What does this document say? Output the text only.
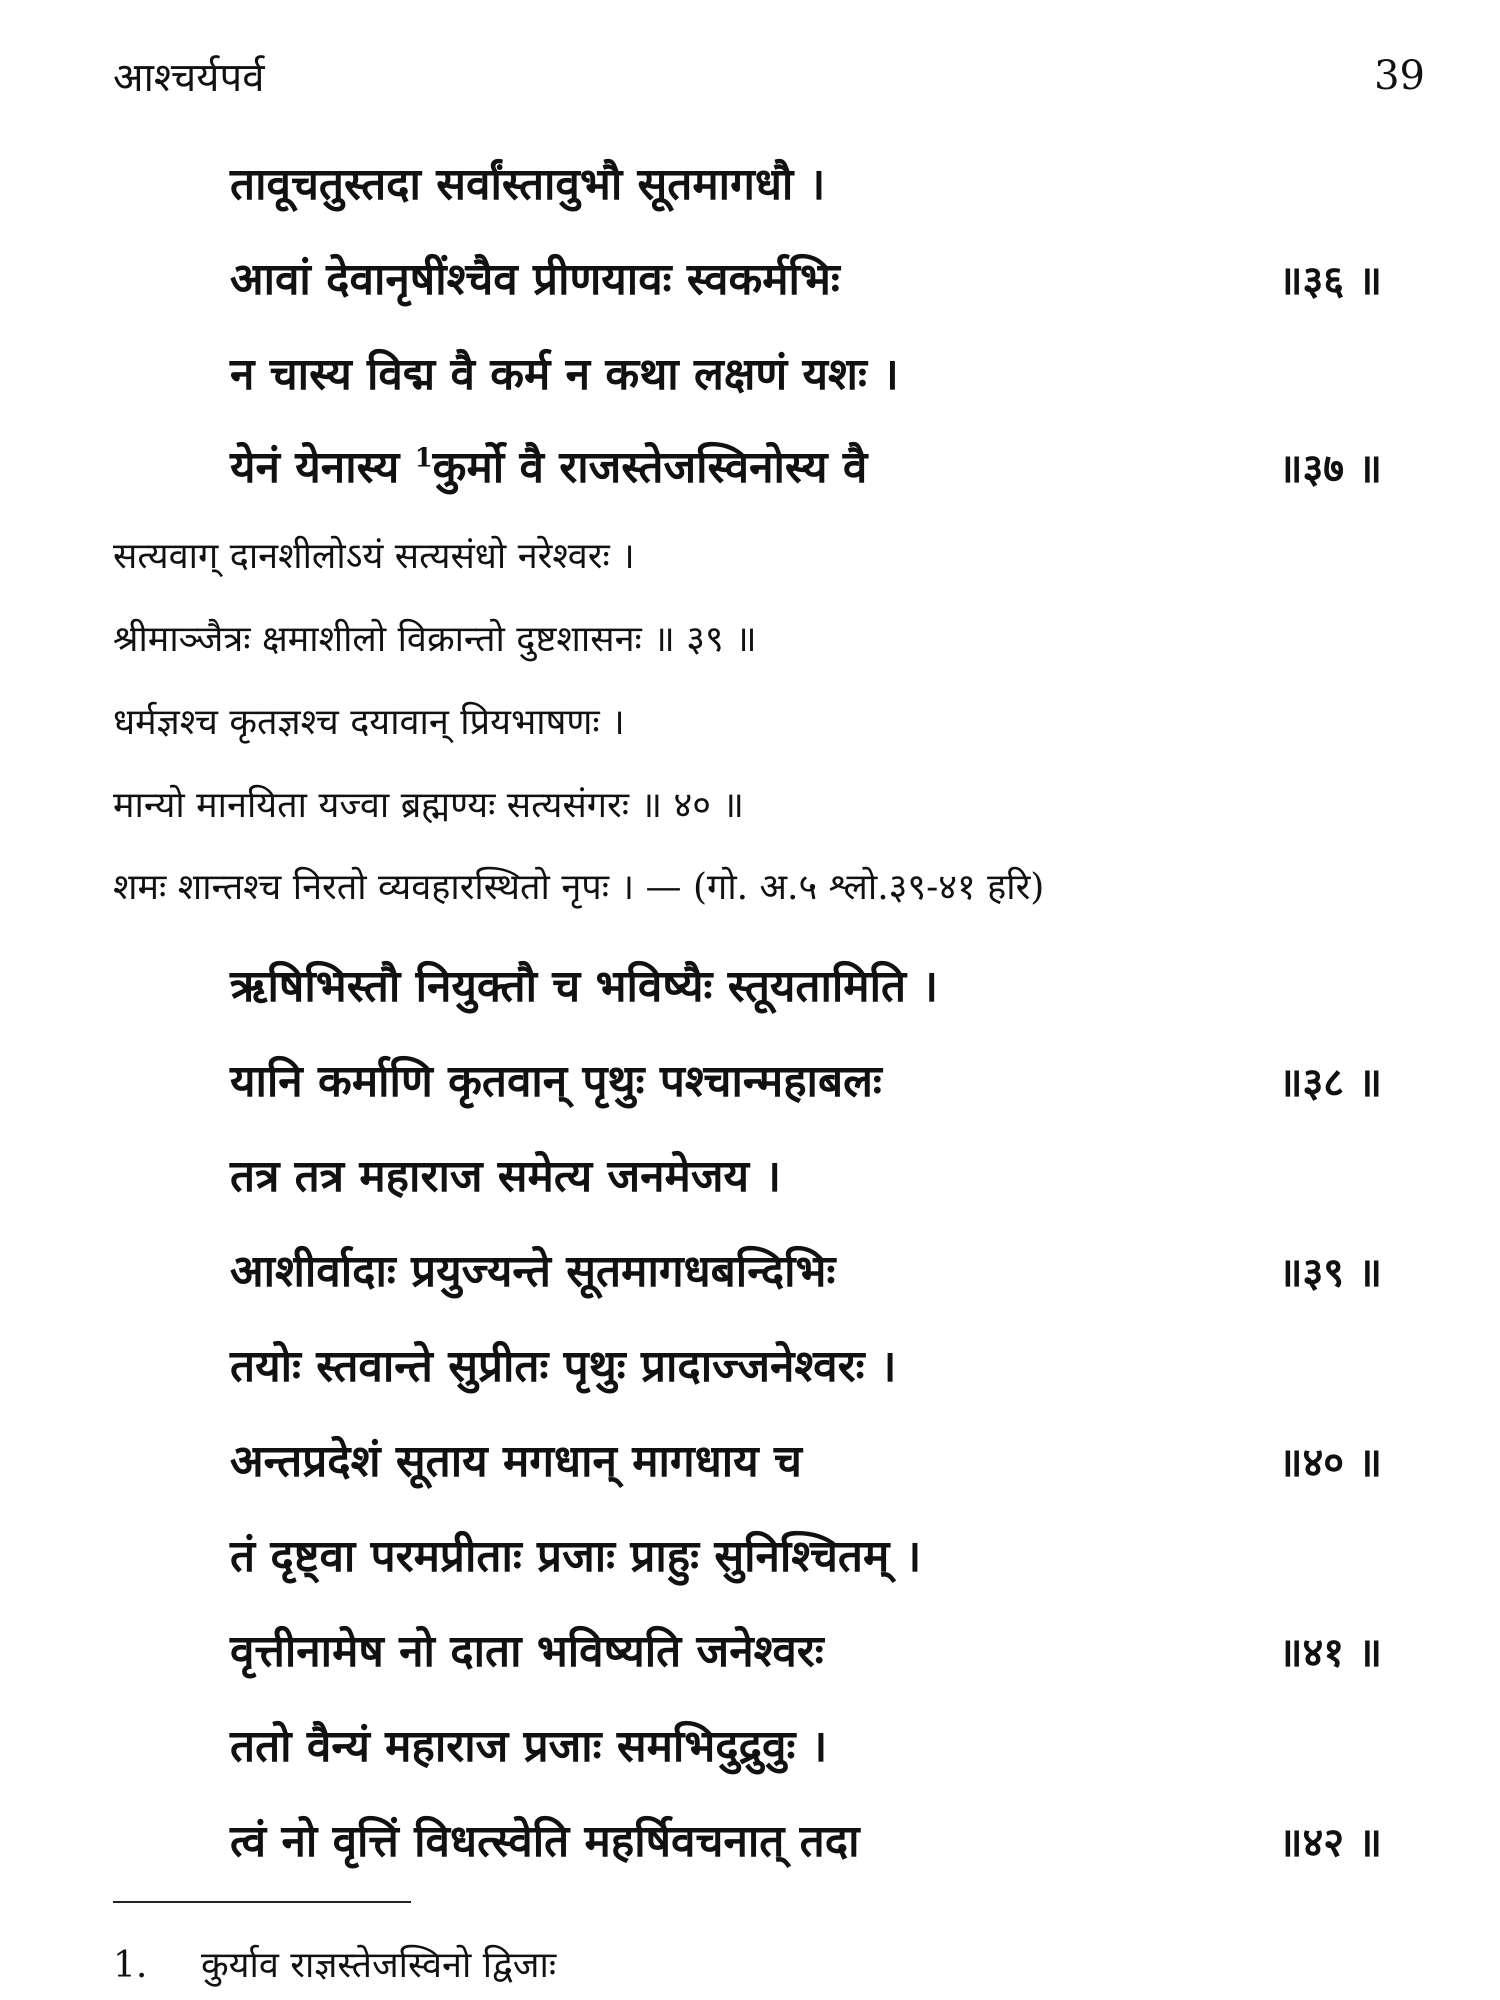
आश्चर्यपर्व	39
तावूचतुस्तदा सर्वांस्तावुभौ सूतमागधौ ।
आवां देवानृषींश्चैव प्रीणयावः स्वकर्मभिः	॥३६ ॥
न चास्य विद्म वै कर्म न कथा लक्षणं यशः ।
येनं येनास्य $^1$कुर्मो वै राजस्तेजस्विनोस्य वै	॥३७ ॥
सत्यवाग् दानशीलोऽयं सत्यसंधो नरेश्वरः ।
श्रीमाञ्जैत्रः क्षमाशीलो विक्रान्तो दुष्टशासनः ॥ ३९ ॥
धर्मज्ञश्च कृतज्ञश्च दयावान् प्रियभाषणः ।
मान्यो मानयिता यज्वा ब्रह्मण्यः सत्यसंगरः ॥ ४० ॥
शमः शान्तश्च निरतो व्यवहारस्थितो नृपः । — (गो. अ.५ श्लो.३९-४१ हरि)
ऋषिभिस्तौ नियुक्तौ च भविष्यैः स्तूयतामिति ।
यानि कर्माणि कृतवान् पृथुः पश्चान्महाबलः	॥३८ ॥
तत्र तत्र महाराज समेत्य जनमेजय ।
आशीर्वादाः प्रयुज्यन्ते सूतमागधबन्दिभिः	॥३९ ॥
तयोः स्तवान्ते सुप्रीतः पृथुः प्रादाज्जनेश्वरः ।
अन्तप्रदेशं सूताय मगधान् मागधाय च	॥४० ॥
तं दृष्ट्वा परमप्रीताः प्रजाः प्राहुः सुनिश्चितम् ।
वृत्तीनामेष नो दाता भविष्यति जनेश्वरः	॥४१ ॥
ततो वैन्यं महाराज प्रजाः समभिदुद्रुवुः ।
त्वं नो वृत्तिं विधत्स्वेति महर्षिवचनात् तदा	॥४२ ॥
1. कुर्याव राज्ञस्तेजस्विनो द्विजाः
